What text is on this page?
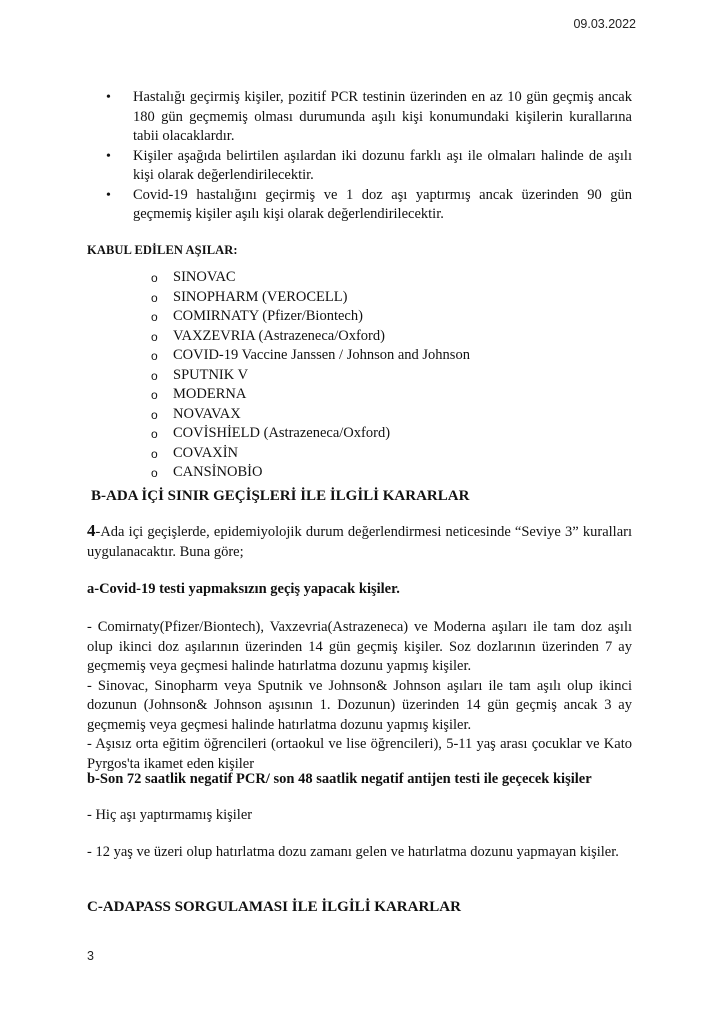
09.03.2022
• Hastalığı geçirmiş kişiler, pozitif PCR testinin üzerinden en az 10 gün geçmiş ancak 180 gün geçmemiş olması durumunda aşılı kişi konumundaki kişilerin kurallarına tabii olacaklardır.
• Kişiler aşağıda belirtilen aşılardan iki dozunu farklı aşı ile olmaları halinde de aşılı kişi olarak değerlendirilecektir.
• Covid-19 hastalığını geçirmiş ve 1 doz aşı yaptırmış ancak üzerinden 90 gün geçmemiş kişiler aşılı kişi olarak değerlendirilecektir.
KABUL EDİLEN AŞILAR:
o SINOVAC
o SINOPHARM (VEROCELL)
o COMIRNATY (Pfizer/Biontech)
o VAXZEVRIA (Astrazeneca/Oxford)
o COVID-19 Vaccine Janssen / Johnson and Johnson
o SPUTNIK V
o MODERNA
o NOVAVAX
o COVİSHİELD (Astrazeneca/Oxford)
o COVAXİN
o CANSİNOBİO
B-ADA İÇİ SINIR GEÇİŞLERİ İLE İLGİLİ KARARLAR

4-Ada içi geçişlerde, epidemiyolojik durum değerlendirmesi neticesinde “Seviye 3” kuralları uygulanacaktır. Buna göre;

a-Covid-19 testi yapmaksızın geçiş yapacak kişiler.

- Comirnaty(Pfizer/Biontech), Vaxzevria(Astrazeneca) ve Moderna aşıları ile tam doz aşılı olup ikinci doz aşılarının üzerinden 14 gün geçmiş kişiler. Soz dozlarının üzerinden 7 ay geçmemiş veya geçmesi halinde hatırlatma dozunu yapmış kişiler.

- Sinovac, Sinopharm veya Sputnik ve Johnson& Johnson aşıları ile tam aşılı olup ikinci dozunun (Johnson& Johnson aşısının 1. Dozunun) üzerinden 14 gün geçmiş ancak 3 ay geçmemiş veya geçmesi halinde hatırlatma dozunu yapmış kişiler.

- Aşısız orta eğitim öğrencileri (ortaokul ve lise öğrencileri), 5-11 yaş arası çocuklar ve Kato Pyrgos'ta ikamet eden kişiler

b-Son 72 saatlik negatif PCR/ son 48 saatlik negatif antijen testi ile geçecek kişiler

- Hiç aşı yaptırmamış kişiler

- 12 yaş ve üzeri olup hatırlatma dozu zamanı gelen ve hatırlatma dozunu yapmayan kişiler.

C-ADAPASS SORGULAMASI İLE İLGİLİ KARARLAR
3
